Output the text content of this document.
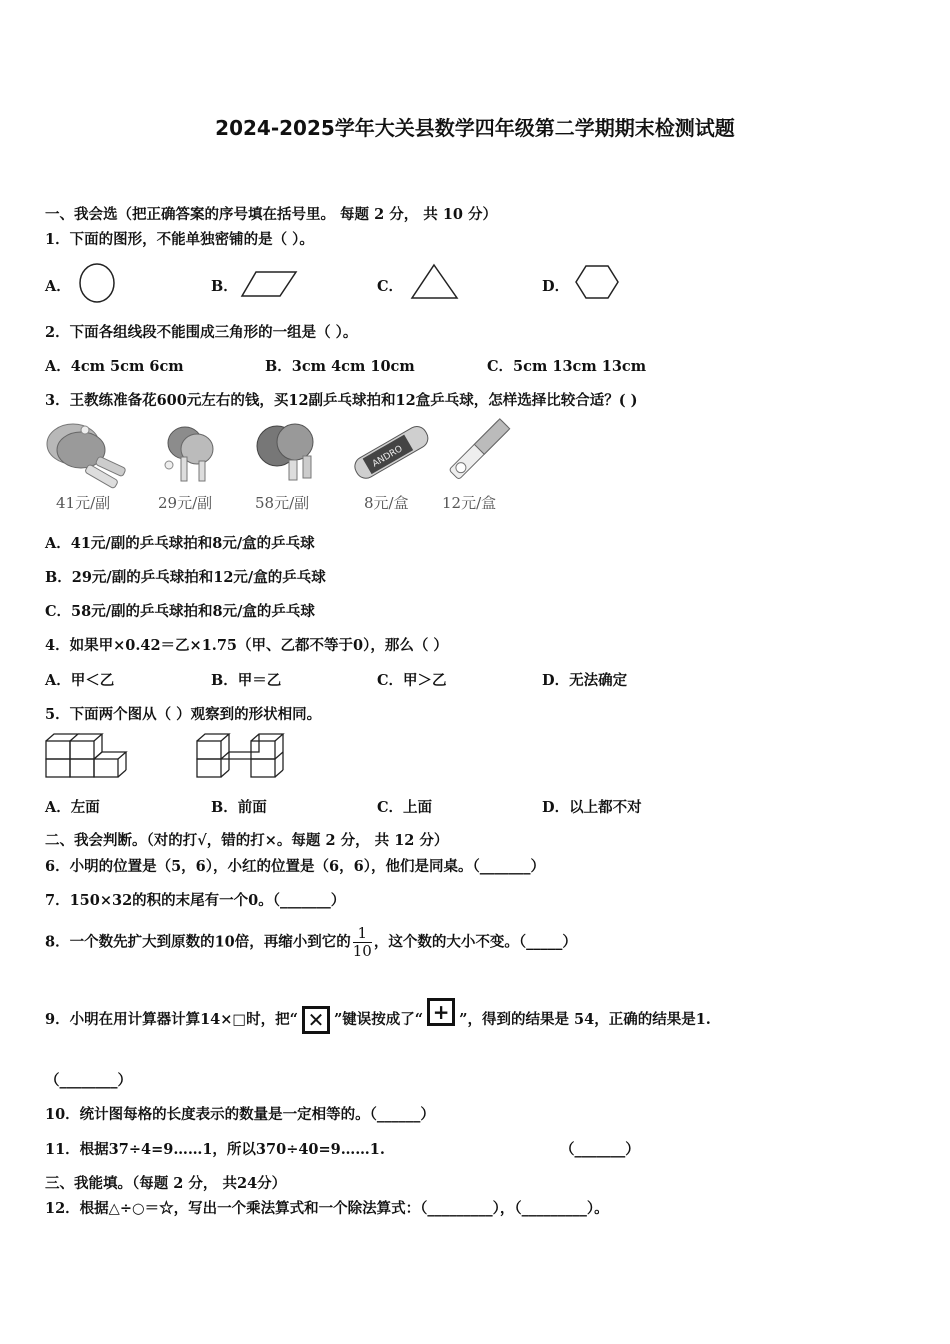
2024-2025学年大关县数学四年级第二学期期末检测试题
一、我会选（把正确答案的序号填在括号里。 每题 2 分， 共 10 分）
1．下面的图形，不能单独密铺的是（ ）。
A．	B．	C．	D．
2．下面各组线段不能围成三角形的一组是（ ）。
A．4cm 5cm 6cm	B．3cm 4cm 10cm	C．5cm 13cm 13cm
3．王教练准备花600元左右的钱，买12副乒乓球拍和12盒乒乓球，怎样选择比较合适？( )
ANDRO
41元/副	29元/副	58元/副	8元/盒 12元/盒
A．41元/副的乒乓球拍和8元/盒的乒乓球
B．29元/副的乒乓球拍和12元/盒的乒乓球
C．58元/副的乒乓球拍和8元/盒的乒乓球
4．如果甲×0.42＝乙×1.75（甲、乙都不等于0），那么（ ）
A．甲＜乙	B．甲＝乙	C．甲＞乙	D．无法确定
5．下面两个图从（ ）观察到的形状相同。
A．左面	B．前面	C．上面	D．以上都不对
二、我会判断。（对的打√，错的打×。每题 2 分， 共 12 分）
6．小明的位置是（5，6），小红的位置是（6，6），他们是同桌。（_______）
7．150×32的积的末尾有一个0。（_______）
8．一个数先扩大到原数的10倍，再缩小到它的 $\frac{1}{10}$ ，这个数的大小不变。（_____）
9．小明在用计算器计算14×□时，把“ ✕ ”键误按成了“ + ”，得到的结果是 54，正确的结果是1.
（________）
10．统计图每格的长度表示的数量是一定相等的。（______）
11．根据37÷4=9……1，所以370÷40=9……1.	（_______）
三、我能填。（每题 2 分， 共24分）
12．根据△÷○＝☆，写出一个乘法算式和一个除法算式：（_________），（_________）。
